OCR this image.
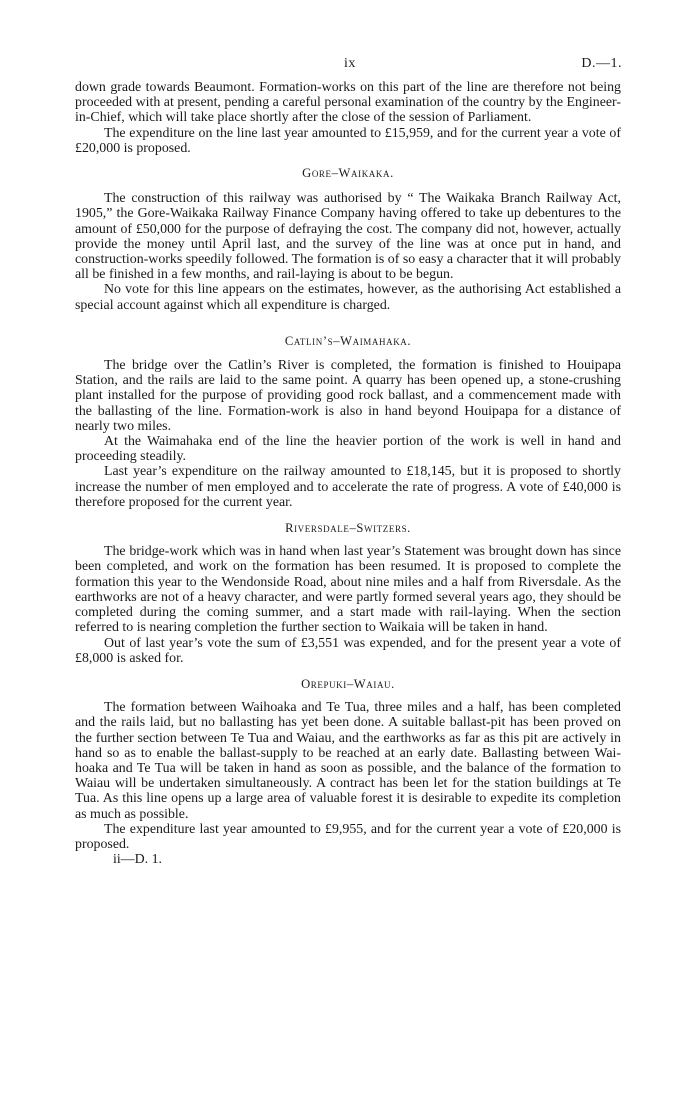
ix	D.—1.

down grade towards Beaumont. Formation-works on this part of the line are therefore not being proceeded with at present, pending a careful personal examination of the country by the Engineer-in-Chief, which will take place shortly after the close of the session of Parliament.

The expenditure on the line last year amounted to £15,959, and for the current year a vote of £20,000 is proposed.

Gore–Waikaka.

The construction of this railway was authorised by “ The Waikaka Branch Railway Act, 1905,” the Gore-Waikaka Railway Finance Company having offered to take up debentures to the amount of £50,000 for the purpose of defraying the cost. The company did not, however, actually provide the money until April last, and the survey of the line was at once put in hand, and construction-works speedily followed. The formation is of so easy a character that it will probably all be finished in a few months, and rail-laying is about to be begun.

No vote for this line appears on the estimates, however, as the authorising Act established a special account against which all expenditure is charged.

Catlin’s–Waimahaka.

The bridge over the Catlin’s River is completed, the formation is finished to Houipapa Station, and the rails are laid to the same point. A quarry has been opened up, a stone-crushing plant installed for the purpose of providing good rock ballast, and a commencement made with the ballasting of the line. Formation-work is also in hand beyond Houipapa for a distance of nearly two miles.

At the Waimahaka end of the line the heavier portion of the work is well in hand and proceeding steadily.

Last year’s expenditure on the railway amounted to £18,145, but it is proposed to shortly increase the number of men employed and to accelerate the rate of progress. A vote of £40,000 is therefore proposed for the current year.

Riversdale–Switzers.

The bridge-work which was in hand when last year’s Statement was brought down has since been completed, and work on the formation has been resumed. It is proposed to complete the formation this year to the Wendonside Road, about nine miles and a half from Riversdale. As the earthworks are not of a heavy character, and were partly formed several years ago, they should be completed during the coming summer, and a start made with rail-laying. When the section referred to is nearing completion the further section to Waikaia will be taken in hand.

Out of last year’s vote the sum of £3,551 was expended, and for the present year a vote of £8,000 is asked for.

Orepuki–Waiau.

The formation between Waihoaka and Te Tua, three miles and a half, has been completed and the rails laid, but no ballasting has yet been done. A suitable ballast-pit has been proved on the further section between Te Tua and Waiau, and the earthworks as far as this pit are actively in hand so as to enable the ballast-supply to be reached at an early date. Ballasting between Waihoaka and Te Tua will be taken in hand as soon as possible, and the balance of the formation to Waiau will be undertaken simultaneously. A contract has been let for the station buildings at Te Tua. As this line opens up a large area of valuable forest it is desirable to expedite its completion as much as possible.

The expenditure last year amounted to £9,955, and for the current year a vote of £20,000 is proposed.

ii—D. 1.
